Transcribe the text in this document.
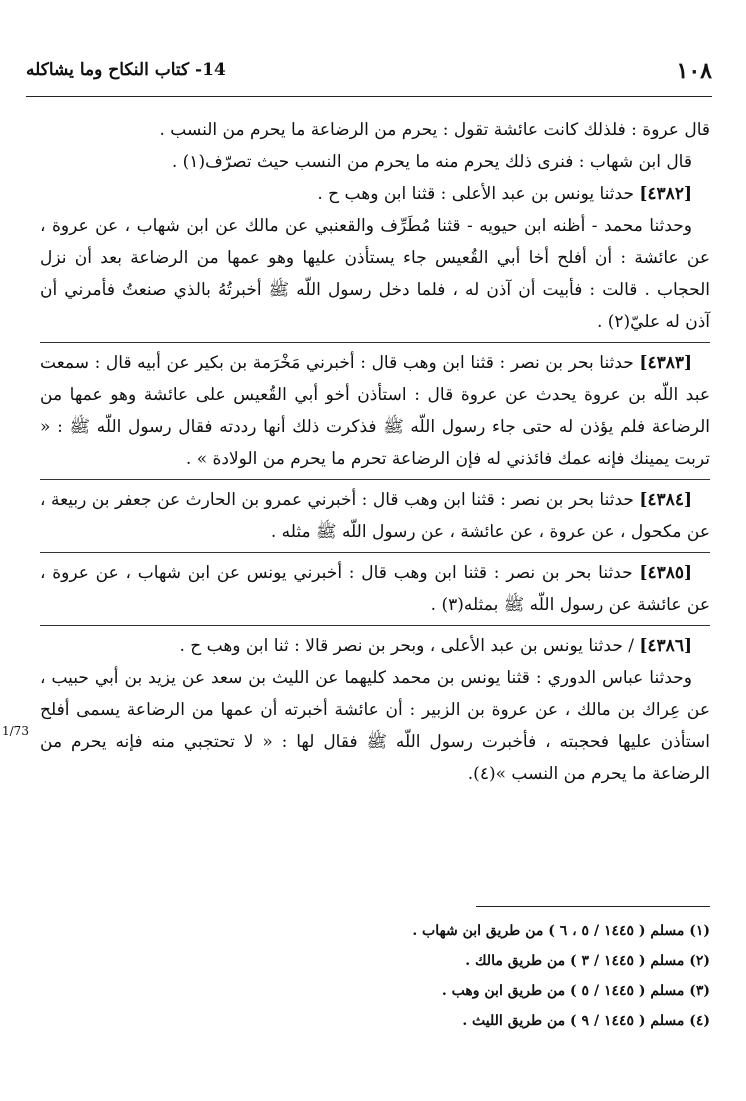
١٠٨
14- كتاب النكاح وما يشاكله
1/73

قال عروة : فلذلك كانت عائشة تقول : يحرم من الرضاعة ما يحرم من النسب .

قال ابن شهاب : فنرى ذلك يحرم منه ما يحرم من النسب حيث تصرّف(١) .

[٤٣٨٢] حدثنا يونس بن عبد الأعلى : قثنا ابن وهب ح .

وحدثنا محمد - أظنه ابن حيويه - قثنا مُطَرِّف والقعنبي عن مالك عن ابن شهاب ، عن عروة ، عن عائشة : أن أفلح أخا أبي القُعيس جاء يستأذن عليها وهو عمها من الرضاعة بعد أن نزل الحجاب . قالت : فأبيت أن آذن له ، فلما دخل رسول اللّه ﷺ أخبرتُهُ بالذي صنعتُ فأمرني أن آذن له عليّ(٢) .

[٤٣٨٣] حدثنا بحر بن نصر : قثنا ابن وهب قال : أخبرني مَخْرَمة بن بكير عن أبيه قال : سمعت عبد اللّه بن عروة يحدث عن عروة قال : استأذن أخو أبي القُعيس على عائشة وهو عمها من الرضاعة فلم يؤذن له حتى جاء رسول اللّه ﷺ فذكرت ذلك أنها رددته فقال رسول اللّه ﷺ : « تربت يمينك فإنه عمك فائذني له فإن الرضاعة تحرم ما يحرم من الولادة » .

[٤٣٨٤] حدثنا بحر بن نصر : قثنا ابن وهب قال : أخبرني عمرو بن الحارث عن جعفر بن ربيعة ، عن مكحول ، عن عروة ، عن عائشة ، عن رسول اللّه ﷺ مثله .

[٤٣٨٥] حدثنا بحر بن نصر : قثنا ابن وهب قال : أخبرني يونس عن ابن شهاب ، عن عروة ، عن عائشة عن رسول اللّه ﷺ بمثله(٣) .

[٤٣٨٦] / حدثنا يونس بن عبد الأعلى ، وبحر بن نصر قالا : ثنا ابن وهب ح .

وحدثنا عباس الدوري : قثنا يونس بن محمد كليهما عن الليث بن سعد عن يزيد بن أبي حبيب ، عن عِراك بن مالك ، عن عروة بن الزبير : أن عائشة أخبرته أن عمها من الرضاعة يسمى أفلح استأذن عليها فحجبته ، فأخبرت رسول اللّه ﷺ فقال لها : « لا تحتجبي منه فإنه يحرم من الرضاعة ما يحرم من النسب »(٤).

(١) مسلم ( ١٤٤٥ / ٥ ، ٦ ) من طريق ابن شهاب .

(٢) مسلم ( ١٤٤٥ / ٣ ) من طريق مالك .

(٣) مسلم ( ١٤٤٥ / ٥ ) من طريق ابن وهب .

(٤) مسلم ( ١٤٤٥ / ٩ ) من طريق الليث .
